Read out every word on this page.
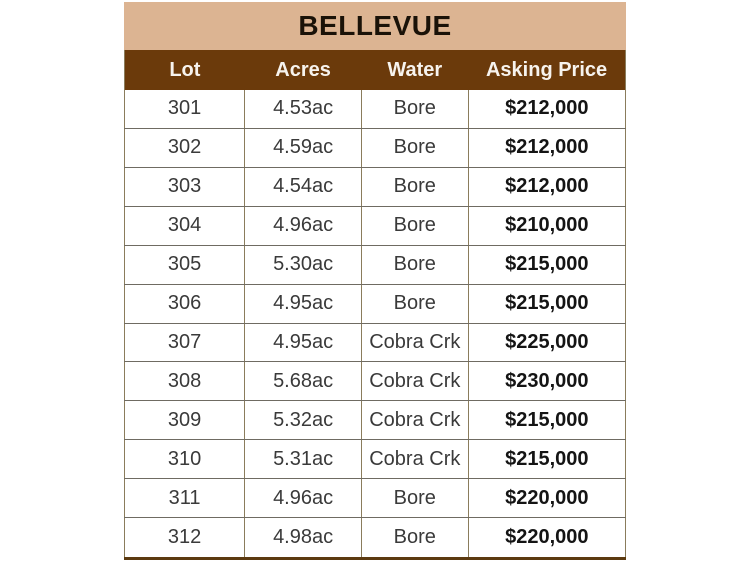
BELLEVUE
Lot	Acres	Water	Asking Price
301	4.53ac	Bore	$212,000
302	4.59ac	Bore	$212,000
303	4.54ac	Bore	$212,000
304	4.96ac	Bore	$210,000
305	5.30ac	Bore	$215,000
306	4.95ac	Bore	$215,000
307	4.95ac	Cobra Crk	$225,000
308	5.68ac	Cobra Crk	$230,000
309	5.32ac	Cobra Crk	$215,000
310	5.31ac	Cobra Crk	$215,000
311	4.96ac	Bore	$220,000
312	4.98ac	Bore	$220,000
